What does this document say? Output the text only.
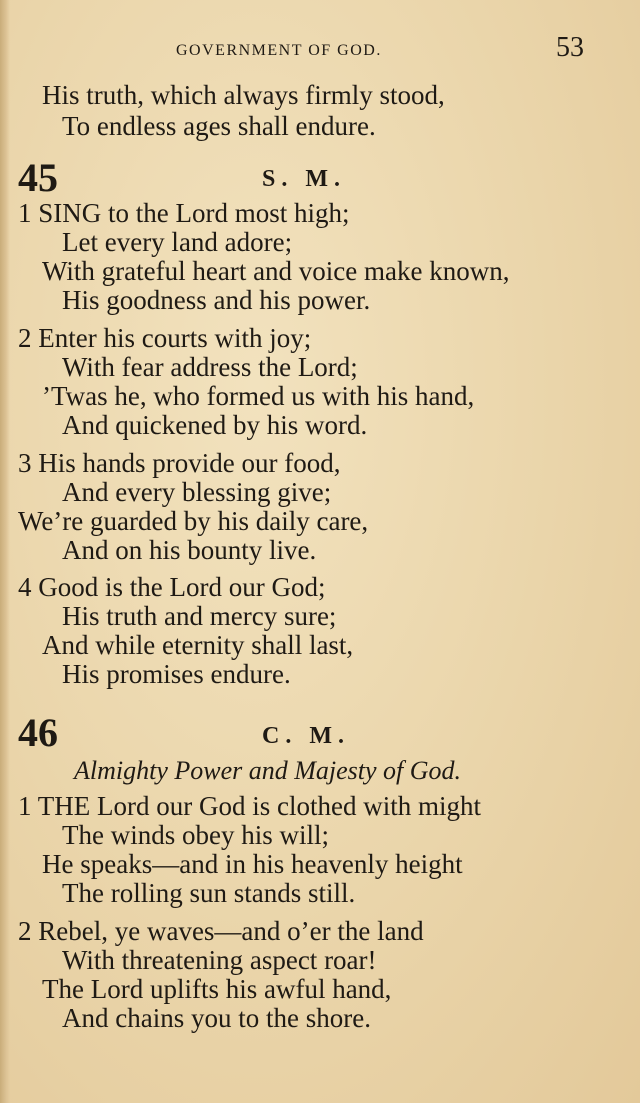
GOVERNMENT OF GOD.	53
His truth, which always firmly stood,
To endless ages shall endure.
45	S. M.
1 SING to the Lord most high;
Let every land adore;
With grateful heart and voice make known,
His goodness and his power.
2 Enter his courts with joy;
With fear address the Lord;
’Twas he, who formed us with his hand,
And quickened by his word.
3 His hands provide our food,
And every blessing give;
We’re guarded by his daily care,
And on his bounty live.
4 Good is the Lord our God;
His truth and mercy sure;
And while eternity shall last,
His promises endure.
46	C. M.
Almighty Power and Majesty of God.
1 THE Lord our God is clothed with might
The winds obey his will;
He speaks—and in his heavenly height
The rolling sun stands still.
2 Rebel, ye waves—and o’er the land
With threatening aspect roar!
The Lord uplifts his awful hand,
And chains you to the shore.
